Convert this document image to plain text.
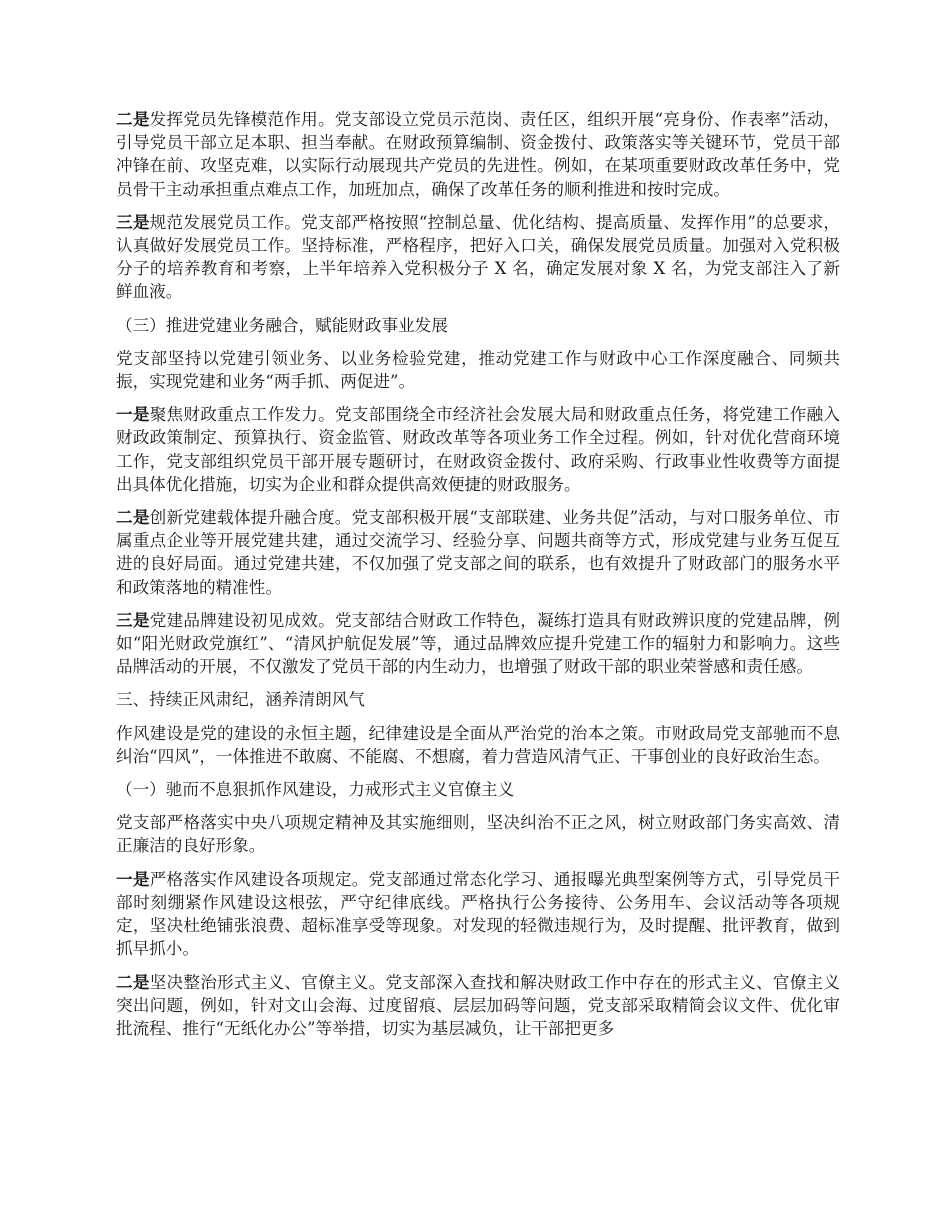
二是发挥党员先锋模范作用。党支部设立党员示范岗、责任区，组织开展“亮身份、作表率”活动，引导党员干部立足本职、担当奉献。在财政预算编制、资金拨付、政策落实等关键环节，党员干部冲锋在前、攻坚克难，以实际行动展现共产党员的先进性。例如，在某项重要财政改革任务中，党员骨干主动承担重点难点工作，加班加点，确保了改革任务的顺利推进和按时完成。

三是规范发展党员工作。党支部严格按照“控制总量、优化结构、提高质量、发挥作用”的总要求，认真做好发展党员工作。坚持标准，严格程序，把好入口关，确保发展党员质量。加强对入党积极分子的培养教育和考察，上半年培养入党积极分子 X 名，确定发展对象 X 名，为党支部注入了新鲜血液。

（三）推进党建业务融合，赋能财政事业发展

党支部坚持以党建引领业务、以业务检验党建，推动党建工作与财政中心工作深度融合、同频共振，实现党建和业务“两手抓、两促进”。

一是聚焦财政重点工作发力。党支部围绕全市经济社会发展大局和财政重点任务，将党建工作融入财政政策制定、预算执行、资金监管、财政改革等各项业务工作全过程。例如，针对优化营商环境工作，党支部组织党员干部开展专题研讨，在财政资金拨付、政府采购、行政事业性收费等方面提出具体优化措施，切实为企业和群众提供高效便捷的财政服务。

二是创新党建载体提升融合度。党支部积极开展“支部联建、业务共促”活动，与对口服务单位、市属重点企业等开展党建共建，通过交流学习、经验分享、问题共商等方式，形成党建与业务互促互进的良好局面。通过党建共建，不仅加强了党支部之间的联系，也有效提升了财政部门的服务水平和政策落地的精准性。

三是党建品牌建设初见成效。党支部结合财政工作特色，凝练打造具有财政辨识度的党建品牌，例如“阳光财政党旗红”、“清风护航促发展”等，通过品牌效应提升党建工作的辐射力和影响力。这些品牌活动的开展，不仅激发了党员干部的内生动力，也增强了财政干部的职业荣誉感和责任感。

三、持续正风肃纪，涵养清朗风气

作风建设是党的建设的永恒主题，纪律建设是全面从严治党的治本之策。市财政局党支部驰而不息纠治“四风”，一体推进不敢腐、不能腐、不想腐，着力营造风清气正、干事创业的良好政治生态。

（一）驰而不息狠抓作风建设，力戒形式主义官僚主义

党支部严格落实中央八项规定精神及其实施细则，坚决纠治不正之风，树立财政部门务实高效、清正廉洁的良好形象。

一是严格落实作风建设各项规定。党支部通过常态化学习、通报曝光典型案例等方式，引导党员干部时刻绷紧作风建设这根弦，严守纪律底线。严格执行公务接待、公务用车、会议活动等各项规定，坚决杜绝铺张浪费、超标准享受等现象。对发现的轻微违规行为，及时提醒、批评教育，做到抓早抓小。

二是坚决整治形式主义、官僚主义。党支部深入查找和解决财政工作中存在的形式主义、官僚主义突出问题，例如，针对文山会海、过度留痕、层层加码等问题，党支部采取精简会议文件、优化审批流程、推行“无纸化办公”等举措，切实为基层减负，让干部把更多
